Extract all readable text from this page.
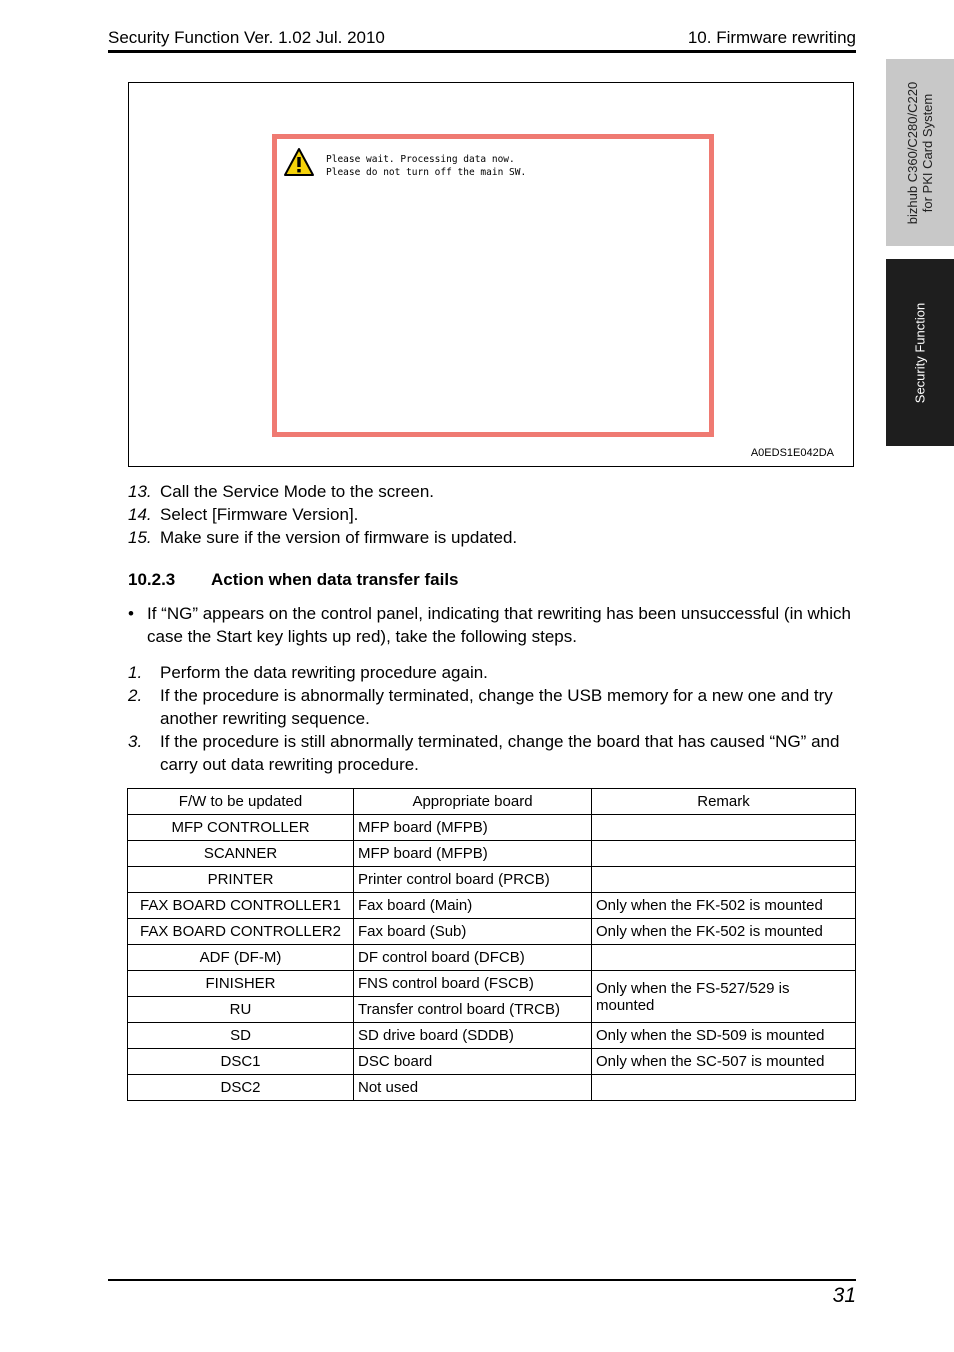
Security Function Ver. 1.02 Jul. 2010	10. Firmware rewriting
bizhub C360/C280/C220
for PKI Card System
Security Function
Please wait. Processing data now.
Please do not turn off the main SW.
A0EDS1E042DA
13. Call the Service Mode to the screen.
14. Select [Firmware Version].
15. Make sure if the version of firmware is updated.
10.2.3 Action when data transfer fails
• If “NG” appears on the control panel, indicating that rewriting has been unsuccessful (in which case the Start key lights up red), take the following steps.
1.	Perform the data rewriting procedure again.
2.	If the procedure is abnormally terminated, change the USB memory for a new one and try another rewriting sequence.
3.	If the procedure is still abnormally terminated, change the board that has caused “NG” and carry out data rewriting procedure.
F/W to be updated	Appropriate board	Remark
MFP CONTROLLER	MFP board (MFPB)	
SCANNER	MFP board (MFPB)	
PRINTER	Printer control board (PRCB)	
FAX BOARD CONTROLLER1	Fax board (Main)	Only when the FK-502 is mounted
FAX BOARD CONTROLLER2	Fax board (Sub)	Only when the FK-502 is mounted
ADF (DF-M)	DF control board (DFCB)	
FINISHER	FNS control board (FSCB)	Only when the FS-527/529 is mounted
RU	Transfer control board (TRCB)	
SD	SD drive board (SDDB)	Only when the SD-509 is mounted
DSC1	DSC board	Only when the SC-507 is mounted
DSC2	Not used	
31
